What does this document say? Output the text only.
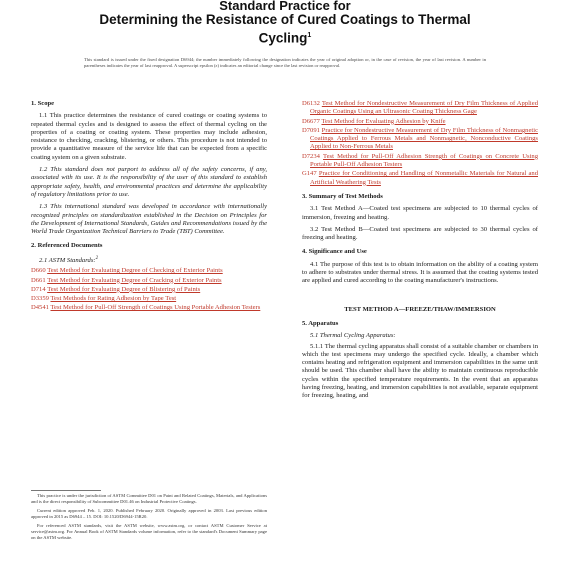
Standard Practice for
Determining the Resistance of Cured Coatings to Thermal
Cycling$^1$
This standard is issued under the fixed designation D6944; the number immediately following the designation indicates the year of original adoption or, in the case of revision, the year of last revision. A number in parentheses indicates the year of last reapproval. A superscript epsilon (ε) indicates an editorial change since the last revision or reapproval.
1. Scope
1.1 This practice determines the resistance of cured coatings or coating systems to repeated thermal cycles and is designed to assess the effect of thermal cycling on the properties of a coating or coating system. These properties may include adhesion, resistance to checking, cracking, blistering, or others. This procedure is not intended to provide a quantitative measure of the service life that can be expected from a specific coating system on a given substrate.
1.2 This standard does not purport to address all of the safety concerns, if any, associated with its use. It is the responsibility of the user of this standard to establish appropriate safety, health, and environmental practices and determine the applicability of regulatory limitations prior to use.
1.3 This international standard was developed in accordance with internationally recognized principles on standardization established in the Decision on Principles for the Development of International Standards, Guides and Recommendations issued by the World Trade Organization Technical Barriers to Trade (TBT) Committee.
2. Referenced Documents
2.1 ASTM Standards:$^2$
D660 Test Method for Evaluating Degree of Checking of Exterior Paints
D661 Test Method for Evaluating Degree of Cracking of Exterior Paints
D714 Test Method for Evaluating Degree of Blistering of Paints
D3359 Test Methods for Rating Adhesion by Tape Test
D4541 Test Method for Pull-Off Strength of Coatings Using Portable Adhesion Testers
D6132 Test Method for Nondestructive Measurement of Dry Film Thickness of Applied Organic Coatings Using an Ultrasonic Coating Thickness Gage
D6677 Test Method for Evaluating Adhesion by Knife
D7091 Practice for Nondestructive Measurement of Dry Film Thickness of Nonmagnetic Coatings Applied to Ferrous Metals and Nonmagnetic, Nonconductive Coatings Applied to Non-Ferrous Metals
D7234 Test Method for Pull-Off Adhesion Strength of Coatings on Concrete Using Portable Pull-Off Adhesion Testers
G147 Practice for Conditioning and Handling of Nonmetallic Materials for Natural and Artificial Weathering Tests
3. Summary of Test Methods
3.1 Test Method A—Coated test specimens are subjected to 10 thermal cycles of immersion, freezing and heating.
3.2 Test Method B—Coated test specimens are subjected to 30 thermal cycles of freezing and heating.
4. Significance and Use
4.1 The purpose of this test is to obtain information on the ability of a coating system to adhere to substrates under thermal stress. It is assumed that the coating systems tested are applied and cured according to the coating manufacturer's instructions.
TEST METHOD A—FREEZE/THAW/IMMERSION
5. Apparatus
5.1 Thermal Cycling Apparatus:
5.1.1 The thermal cycling apparatus shall consist of a suitable chamber or chambers in which the test specimens may undergo the specified cycle. Ideally, a chamber which contains heating and refrigeration equipment and immersion capabilities in the same unit should be used. This chamber shall have the ability to maintain continuous reproducible cycles within the specified temperature requirements. In the event that an apparatus having freezing, heating, and immersion capabilities is not available, separate equipment for freezing, heating, and

This practice is under the jurisdiction of ASTM Committee D01 on Paint and Related Coatings, Materials, and Applications and is the direct responsibility of Subcommittee D01.46 on Industrial Protective Coatings.

Current edition approved Feb. 1, 2020. Published February 2020. Originally approved in 2003. Last previous edition approved in 2015 as D6944 – 15. DOI: 10.1520/D6944-15R20.

For referenced ASTM standards, visit the ASTM website, www.astm.org, or contact ASTM Customer Service at service@astm.org. For Annual Book of ASTM Standards volume information, refer to the standard's Document Summary page on the ASTM website.
